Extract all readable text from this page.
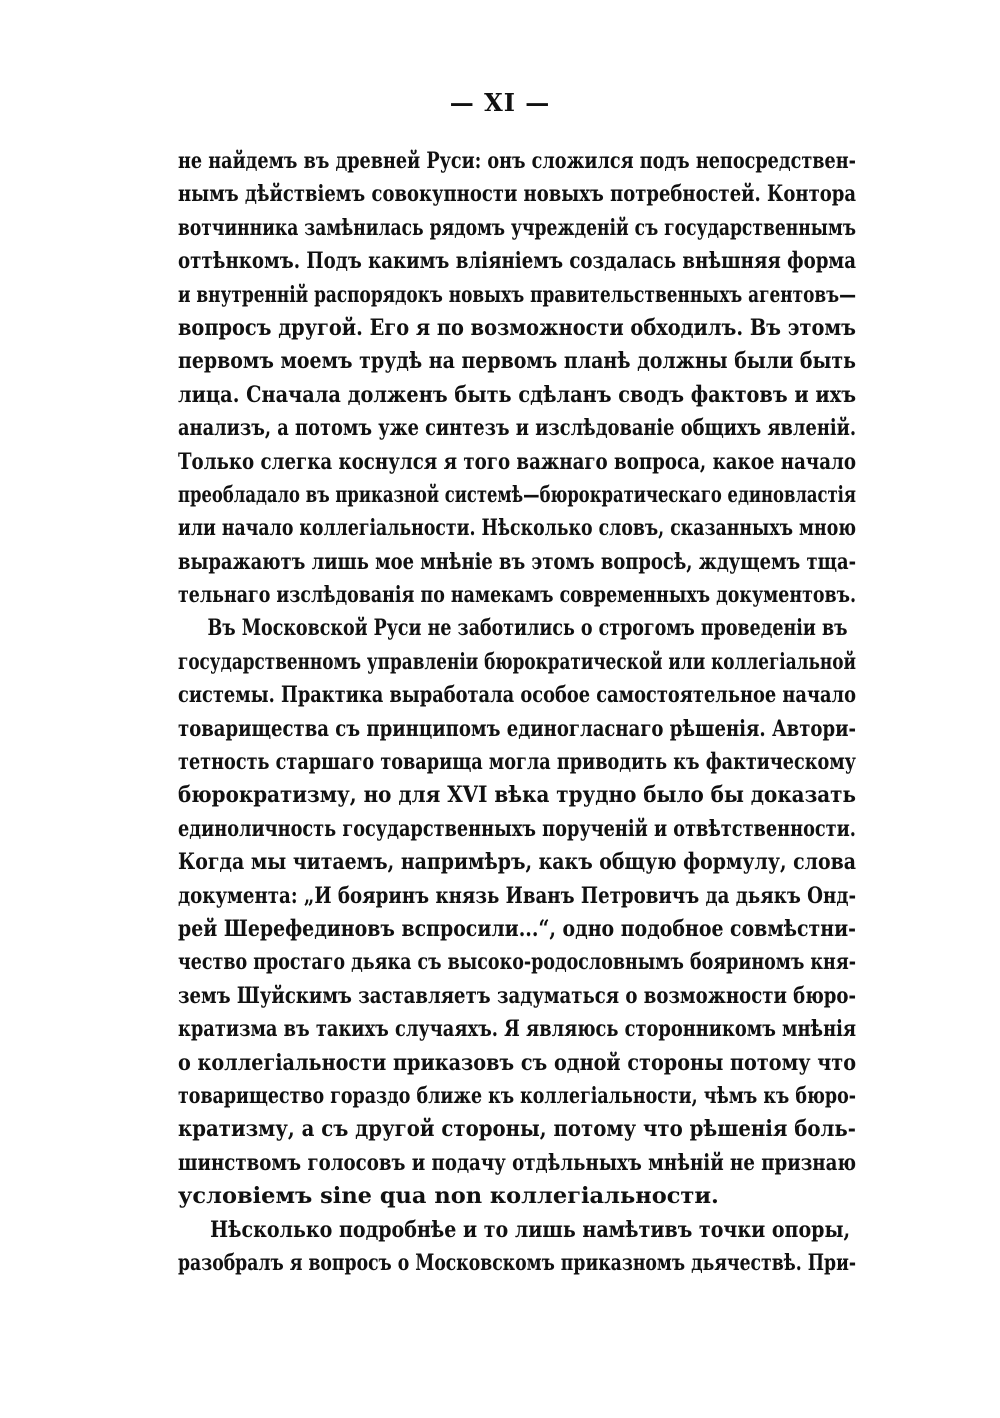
— XI —
не найдемъ въ древней Руси: онъ сложился подъ непосредствен-
нымъ дѣйствіемъ совокупности новыхъ потребностей. Контора
вотчинника замѣнилась рядомъ учрежденій съ государственнымъ
оттѣнкомъ. Подъ какимъ вліяніемъ создалась внѣшняя форма
и внутренній распорядокъ новыхъ правительственныхъ агентовъ—
вопросъ другой. Его я по возможности обходилъ. Въ этомъ
первомъ моемъ трудѣ на первомъ планѣ должны были быть
лица. Сначала долженъ быть сдѣланъ сводъ фактовъ и ихъ
анализъ, а потомъ уже синтезъ и изслѣдованіе общихъ явленій.
Только слегка коснулся я того важнаго вопроса, какое начало
преобладало въ приказной системѣ—бюрократическаго единовластія
или начало коллегіальности. Нѣсколько словъ, сказанныхъ мною
выражаютъ лишь мое мнѣніе въ этомъ вопросѣ, ждущемъ тща-
тельнаго изслѣдованія по намекамъ современныхъ документовъ.
Въ Московской Руси не заботились о строгомъ проведеніи въ
государственномъ управленіи бюрократической или коллегіальной
системы. Практика выработала особое самостоятельное начало
товарищества съ принципомъ единогласнаго рѣшенія. Автори-
тетность старшаго товарища могла приводить къ фактическому
бюрократизму, но для XVI вѣка трудно было бы доказать
единоличность государственныхъ порученій и отвѣтственности.
Когда мы читаемъ, напримѣръ, какъ общую формулу, слова
документа: „И бояринъ князь Иванъ Петровичъ да дьякъ Онд-
рей Шерефединовъ вспросили...“, одно подобное совмѣстни-
чество простаго дьяка съ высоко-родословнымъ бояриномъ кня-
земъ Шуйскимъ заставляетъ задуматься о возможности бюро-
кратизма въ такихъ случаяхъ. Я являюсь сторонникомъ мнѣнія
о коллегіальности приказовъ съ одной стороны потому что
товарищество гораздо ближе къ коллегіальности, чѣмъ къ бюро-
кратизму, а съ другой стороны, потому что рѣшенія боль-
шинствомъ голосовъ и подачу отдѣльныхъ мнѣній не признаю
условіемъ sine qua non коллегіальности.
Нѣсколько подробнѣе и то лишь намѣтивъ точки опоры,
разобралъ я вопросъ о Московскомъ приказномъ дьячествѣ. При-
